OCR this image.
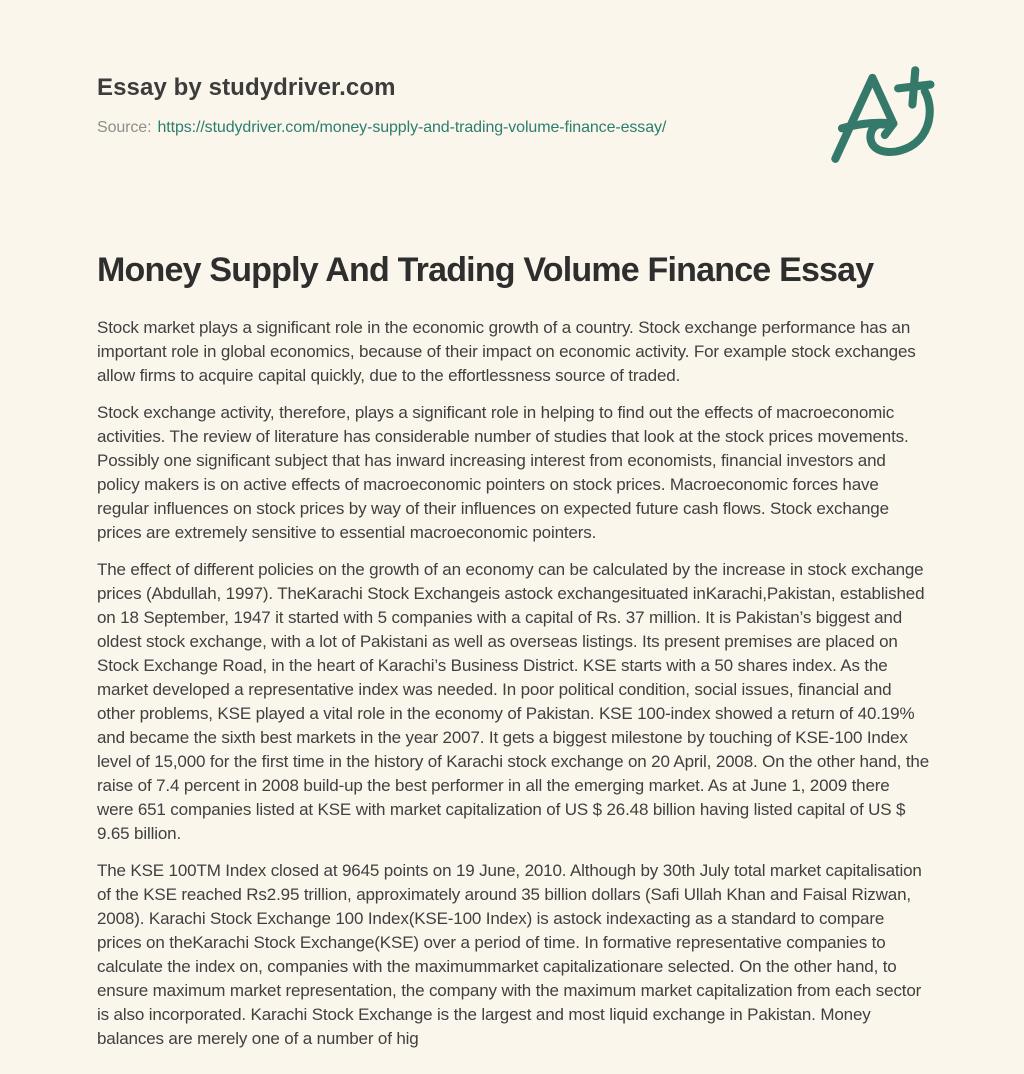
Essay by studydriver.com
Source: https://studydriver.com/money-supply-and-trading-volume-finance-essay/
Money Supply And Trading Volume Finance Essay

Stock market plays a significant role in the economic growth of a country. Stock exchange performance has an important role in global economics, because of their impact on economic activity. For example stock exchanges allow firms to acquire capital quickly, due to the effortlessness source of traded.

Stock exchange activity, therefore, plays a significant role in helping to find out the effects of macroeconomic activities. The review of literature has considerable number of studies that look at the stock prices movements. Possibly one significant subject that has inward increasing interest from economists, financial investors and policy makers is on active effects of macroeconomic pointers on stock prices. Macroeconomic forces have regular influences on stock prices by way of their influences on expected future cash flows. Stock exchange prices are extremely sensitive to essential macroeconomic pointers.

The effect of different policies on the growth of an economy can be calculated by the increase in stock exchange prices (Abdullah, 1997). TheKarachi Stock Exchangeis astock exchangesituated inKarachi,Pakistan, established on 18 September, 1947 it started with 5 companies with a capital of Rs. 37 million. It is Pakistan’s biggest and oldest stock exchange, with a lot of Pakistani as well as overseas listings. Its present premises are placed on Stock Exchange Road, in the heart of Karachi’s Business District. KSE starts with a 50 shares index. As the market developed a representative index was needed. In poor political condition, social issues, financial and other problems, KSE played a vital role in the economy of Pakistan. KSE 100-index showed a return of 40.19% and became the sixth best markets in the year 2007. It gets a biggest milestone by touching of KSE-100 Index level of 15,000 for the first time in the history of Karachi stock exchange on 20 April, 2008. On the other hand, the raise of 7.4 percent in 2008 build-up the best performer in all the emerging market. As at June 1, 2009 there were 651 companies listed at KSE with market capitalization of US $ 26.48 billion having listed capital of US $ 9.65 billion.

The KSE 100TM Index closed at 9645 points on 19 June, 2010. Although by 30th July total market capitalisation of the KSE reached Rs2.95 trillion, approximately around 35 billion dollars (Safi Ullah Khan and Faisal Rizwan, 2008). Karachi Stock Exchange 100 Index(KSE-100 Index) is astock indexacting as a standard to compare prices on theKarachi Stock Exchange(KSE) over a period of time. In formative representative companies to calculate the index on, companies with the maximummarket capitalizationare selected. On the other hand, to ensure maximum market representation, the company with the maximum market capitalization from each sector is also incorporated. Karachi Stock Exchange is the largest and most liquid exchange in Pakistan. Money balances are merely one of a number of hig
